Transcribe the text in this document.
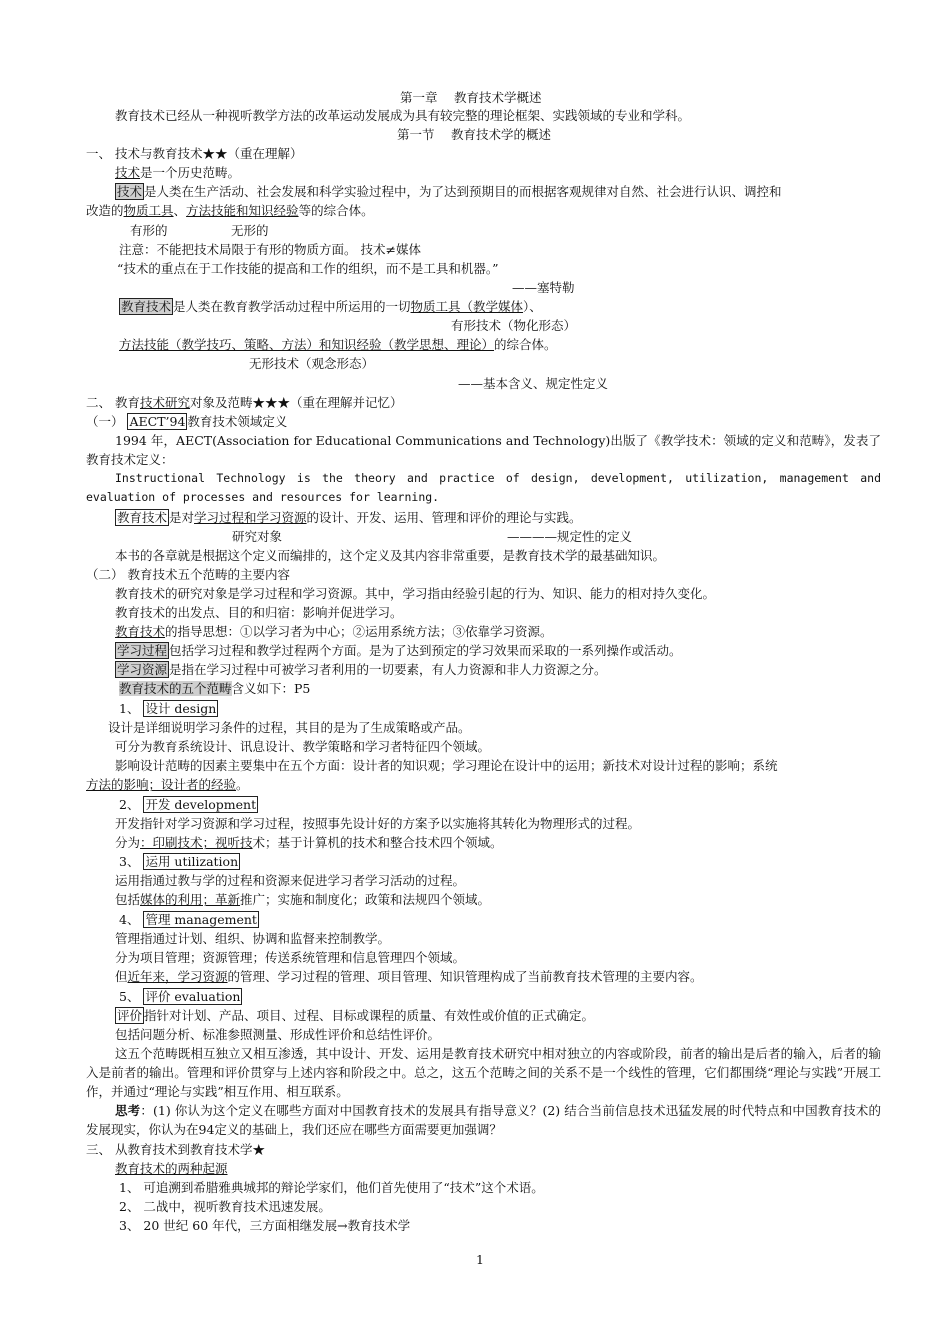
第一章　 教育技术学概述
教育技术已经从一种视听教学方法的改革运动发展成为具有较完整的理论框架、实践领域的专业和学科。
第一节　 教育技术学的概述
一、 技术与教育技术★★（重在理解）
技术是一个历史范畴。
技术 是人类在生产活动、社会发展和科学实验过程中，为了达到预期目的而根据客观规律对自然、社会进行认识、调控和
改造的物质工具、方法技能和知识经验等的综合体。
有形的	无形的
注意：不能把技术局限于有形的物质方面。 技术≠媒体
“技术的重点在于工作技能的提高和工作的组织，而不是工具和机器。”
——塞特勒
教育技术 是人类在教育教学活动过程中所运用的一切物质工具（教学媒体）、
有形技术（物化形态）
方法技能（教学技巧、策略、方法）和知识经验（教学思想、理论）的综合体。
无形技术（观念形态）
——基本含义、规定性定义
二、 教育技术研究对象及范畴★★★（重在理解并记忆）
（一） AECT’94 教育技术领域定义
1994 年，AECT(Association for Educational Communications and Technology)出版了《教学技术：领域的定义和范畴》，发表了教育技术定义：
Instructional Technology is the theory and practice of design, development, utilization, management and evaluation of processes and resources for learning.
教育技术 是对学习过程和学习资源的设计、开发、运用、管理和评价的理论与实践。
研究对象	————规定性的定义
本书的各章就是根据这个定义而编排的，这个定义及其内容非常重要，是教育技术学的最基础知识。
（二） 教育技术五个范畴的主要内容
教育技术的研究对象是学习过程和学习资源。其中，学习指由经验引起的行为、知识、能力的相对持久变化。
教育技术的出发点、目的和归宿：影响并促进学习。
教育技术的指导思想：①以学习者为中心；②运用系统方法；③依靠学习资源。
学习过程 包括学习过程和教学过程两个方面。是为了达到预定的学习效果而采取的一系列操作或活动。
学习资源 是指在学习过程中可被学习者利用的一切要素，有人力资源和非人力资源之分。
教育技术的五个范畴含义如下：P5
1、 设计 design
设计是详细说明学习条件的过程，其目的是为了生成策略或产品。
可分为教育系统设计、讯息设计、教学策略和学习者特征四个领域。
影响设计范畴的因素主要集中在五个方面：设计者的知识观；学习理论在设计中的运用；新技术对设计过程的影响；系统
方法的影响；设计者的经验。
2、 开发 development
开发指针对学习资源和学习过程，按照事先设计好的方案予以实施将其转化为物理形式的过程。
分为：印刷技术；视听技术；基于计算机的技术和整合技术四个领域。
3、 运用 utilization
运用指通过教与学的过程和资源来促进学习者学习活动的过程。
包括媒体的利用；革新推广；实施和制度化；政策和法规四个领域。
4、 管理 management
管理指通过计划、组织、协调和监督来控制教学。
分为项目管理；资源管理；传送系统管理和信息管理四个领域。
但近年来，学习资源的管理、学习过程的管理、项目管理、知识管理构成了当前教育技术管理的主要内容。
5、 评价 evaluation
评价 指针对计划、产品、项目、过程、目标或课程的质量、有效性或价值的正式确定。
包括问题分析、标准参照测量、形成性评价和总结性评价。
这五个范畴既相互独立又相互渗透，其中设计、开发、运用是教育技术研究中相对独立的内容或阶段，前者的输出是后者的输入，后者的输入是前者的输出。管理和评价贯穿与上述内容和阶段之中。总之，这五个范畴之间的关系不是一个线性的管理，它们都围绕“理论与实践”开展工作，并通过“理论与实践”相互作用、相互联系。
思考：(1) 你认为这个定义在哪些方面对中国教育技术的发展具有指导意义？(2) 结合当前信息技术迅猛发展的时代特点和中国教育技术的发展现实，你认为在94定义的基础上，我们还应在哪些方面需要更加强调？
三、 从教育技术到教育技术学★
教育技术的两种起源
1、 可追溯到希腊雅典城邦的辩论学家们，他们首先使用了“技术”这个术语。
2、 二战中，视听教育技术迅速发展。
3、 20 世纪 60 年代，三方面相继发展→教育技术学
1
